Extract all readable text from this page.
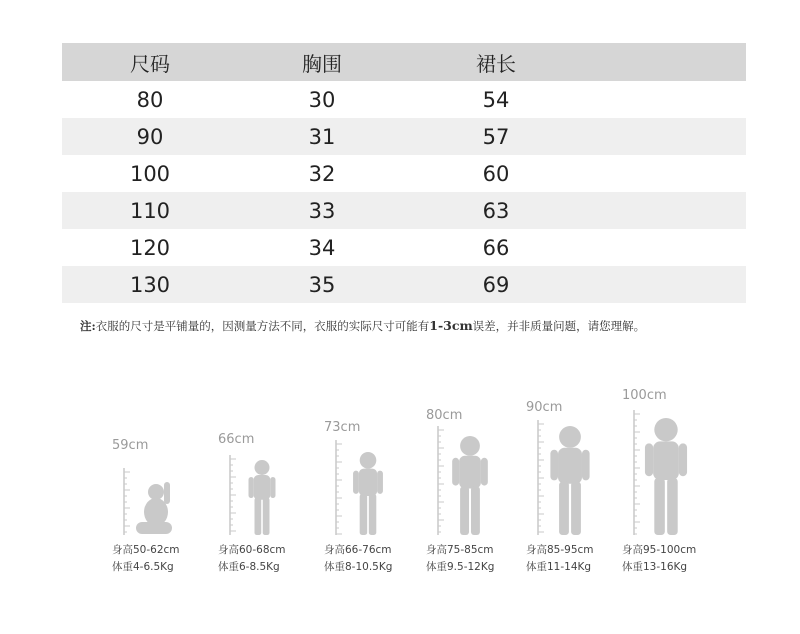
尺码	胸围	裙长
80	30	54
90	31	57
100	32	60
110	33	63
120	34	66
130	35	69
注:衣服的尺寸是平铺量的，因测量方法不同，衣服的实际尺寸可能有1-3cm误差，并非质量问题，请您理解。
59cm
身高50-62cm
体重4-6.5Kg
66cm
身高60-68cm
体重6-8.5Kg
73cm
身高66-76cm
体重8-10.5Kg
80cm
身高75-85cm
体重9.5-12Kg
90cm
身高85-95cm
体重11-14Kg
100cm
身高95-100cm
体重13-16Kg
